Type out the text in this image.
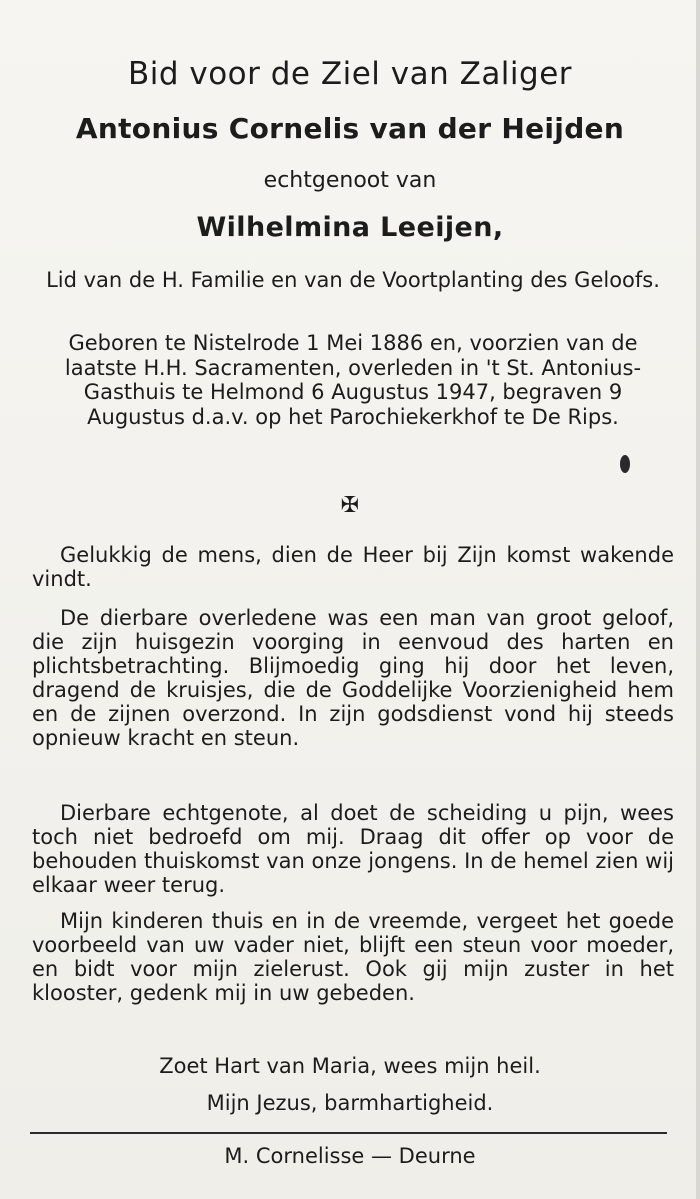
Bid voor de Ziel van Zaliger
Antonius Cornelis van der Heijden
echtgenoot van
Wilhelmina Leeijen,
Lid van de H. Familie en van de Voortplanting des Geloofs.
Geboren te Nistelrode 1 Mei 1886 en, voorzien van de laatste H.H. Sacramenten, overleden in 't St. Antonius-Gasthuis te Helmond 6 Augustus 1947, begraven 9 Augustus d.a.v. op het Parochiekerkhof te De Rips.
✠
Gelukkig de mens, dien de Heer bij Zijn komst wakende vindt.
De dierbare overledene was een man van groot geloof, die zijn huisgezin voorging in eenvoud des harten en plichtsbetrachting. Blijmoedig ging hij door het leven, dragend de kruisjes, die de Goddelijke Voorzienigheid hem en de zijnen overzond. In zijn godsdienst vond hij steeds opnieuw kracht en steun.
Dierbare echtgenote, al doet de scheiding u pijn, wees toch niet bedroefd om mij. Draag dit offer op voor de behouden thuiskomst van onze jongens. In de hemel zien wij elkaar weer terug.
Mijn kinderen thuis en in de vreemde, vergeet het goede voorbeeld van uw vader niet, blijft een steun voor moeder, en bidt voor mijn zielerust. Ook gij mijn zuster in het klooster, gedenk mij in uw gebeden.
Zoet Hart van Maria, wees mijn heil.
Mijn Jezus, barmhartigheid.
M. Cornelisse — Deurne
